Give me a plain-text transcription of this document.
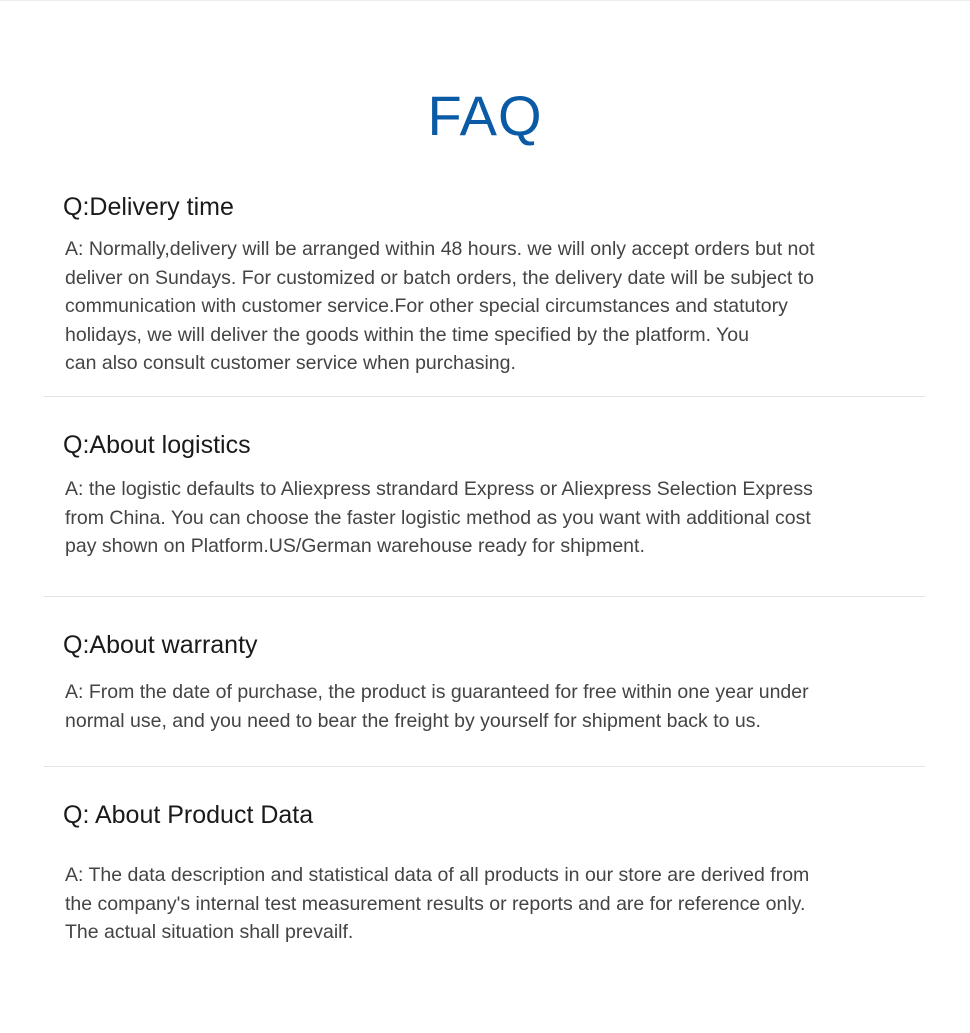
FAQ
Q:Delivery time
A: Normally,delivery will be arranged within 48 hours. we will only accept orders but not
deliver on Sundays. For customized or batch orders, the delivery date will be subject to
communication with customer service.For other special circumstances and statutory
holidays, we will deliver the goods within the time specified by the platform. You
can also consult customer service when purchasing.
Q:About logistics
A: the logistic defaults to Aliexpress strandard Express or Aliexpress Selection Express
from China. You can choose the faster logistic method as you want with additional cost
pay shown on Platform.US/German warehouse ready for shipment.
Q:About warranty
A: From the date of purchase, the product is guaranteed for free within one year under
normal use, and you need to bear the freight by yourself for shipment back to us.
Q: About Product Data
A: The data description and statistical data of all products in our store are derived from
the company's internal test measurement results or reports and are for reference only.
The actual situation shall prevailf.
